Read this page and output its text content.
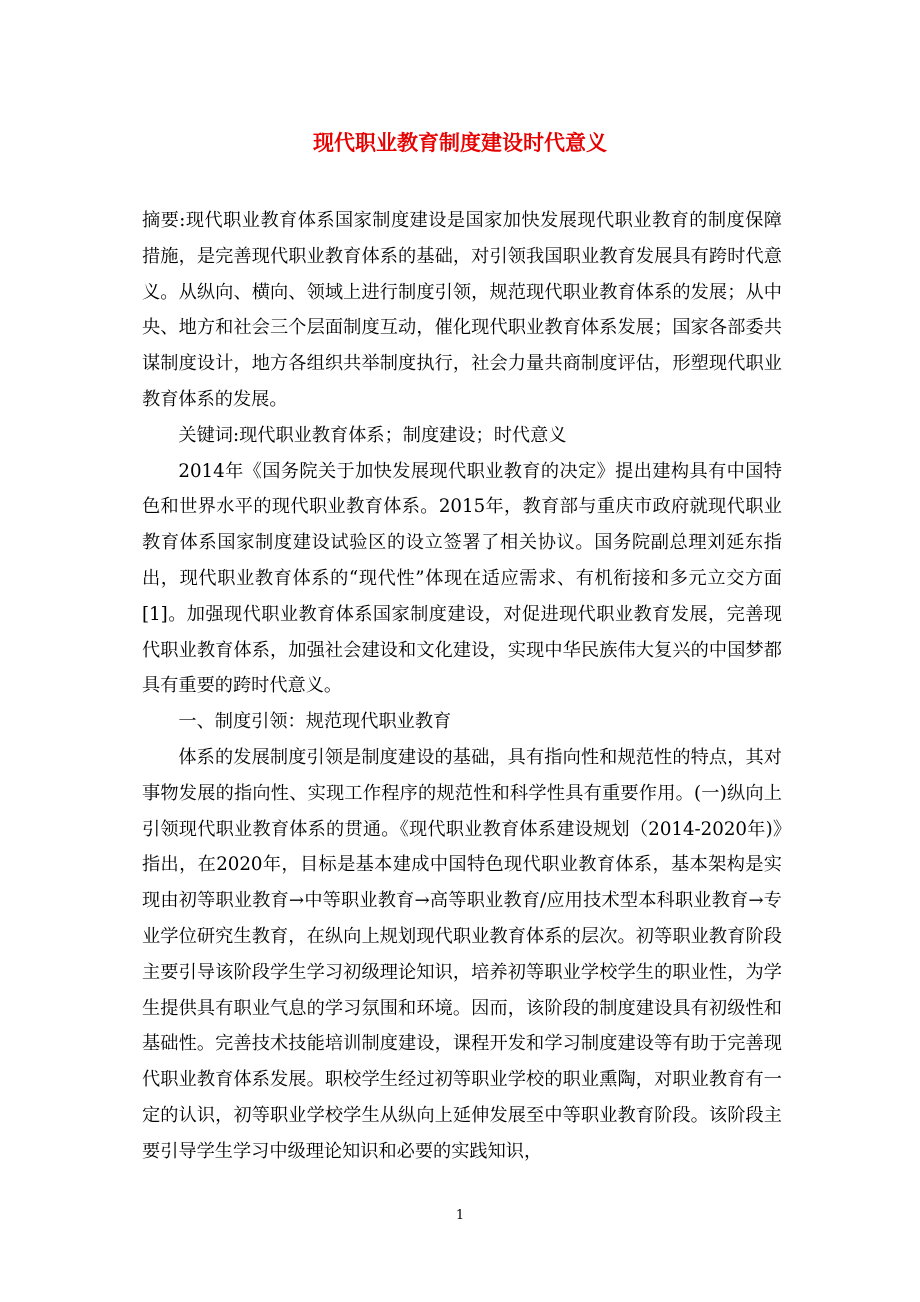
现代职业教育制度建设时代意义

摘要:现代职业教育体系国家制度建设是国家加快发展现代职业教育的制度保障措施，是完善现代职业教育体系的基础，对引领我国职业教育发展具有跨时代意义。从纵向、横向、领域上进行制度引领，规范现代职业教育体系的发展；从中央、地方和社会三个层面制度互动，催化现代职业教育体系发展；国家各部委共谋制度设计，地方各组织共举制度执行，社会力量共商制度评估，形塑现代职业教育体系的发展。

关键词:现代职业教育体系；制度建设；时代意义

2014年《国务院关于加快发展现代职业教育的决定》提出建构具有中国特色和世界水平的现代职业教育体系。2015年，教育部与重庆市政府就现代职业教育体系国家制度建设试验区的设立签署了相关协议。国务院副总理刘延东指出，现代职业教育体系的“现代性”体现在适应需求、有机衔接和多元立交方面[1]。加强现代职业教育体系国家制度建设，对促进现代职业教育发展，完善现代职业教育体系，加强社会建设和文化建设，实现中华民族伟大复兴的中国梦都具有重要的跨时代意义。

一、制度引领：规范现代职业教育

体系的发展制度引领是制度建设的基础，具有指向性和规范性的特点，其对事物发展的指向性、实现工作程序的规范性和科学性具有重要作用。(一)纵向上引领现代职业教育体系的贯通。《现代职业教育体系建设规划（2014-2020年)》指出，在2020年，目标是基本建成中国特色现代职业教育体系，基本架构是实现由初等职业教育→中等职业教育→高等职业教育/应用技术型本科职业教育→专业学位研究生教育，在纵向上规划现代职业教育体系的层次。初等职业教育阶段主要引导该阶段学生学习初级理论知识，培养初等职业学校学生的职业性，为学生提供具有职业气息的学习氛围和环境。因而，该阶段的制度建设具有初级性和基础性。完善技术技能培训制度建设，课程开发和学习制度建设等有助于完善现代职业教育体系发展。职校学生经过初等职业学校的职业熏陶，对职业教育有一定的认识，初等职业学校学生从纵向上延伸发展至中等职业教育阶段。该阶段主要引导学生学习中级理论知识和必要的实践知识，

1
